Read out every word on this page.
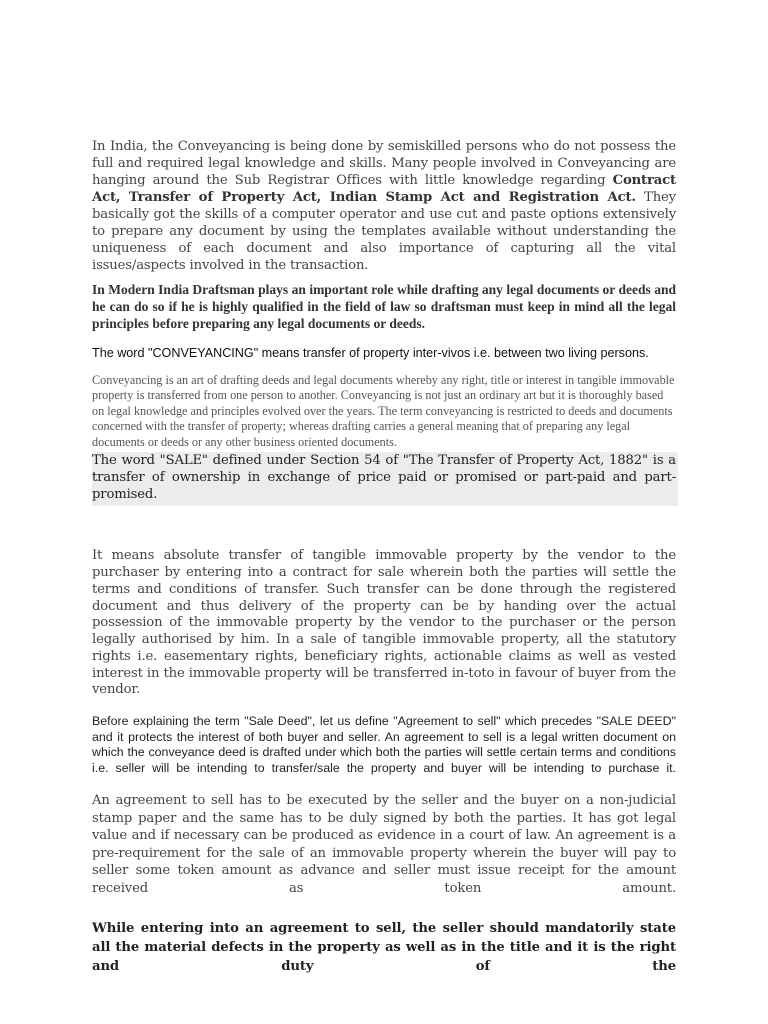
In India, the Conveyancing is being done by semiskilled persons who do not possess the full and required legal knowledge and skills. Many people involved in Conveyancing are hanging around the Sub Registrar Offices with little knowledge regarding Contract Act, Transfer of Property Act, Indian Stamp Act and Registration Act. They basically got the skills of a computer operator and use cut and paste options extensively to prepare any document by using the templates available without understanding the uniqueness of each document and also importance of capturing all the vital issues/aspects involved in the transaction.

In Modern India Draftsman plays an important role while drafting any legal documents or deeds and he can do so if he is highly qualified in the field of law so draftsman must keep in mind all the legal principles before preparing any legal documents or deeds.

The word "CONVEYANCING" means transfer of property inter-vivos i.e. between two living persons.

Conveyancing is an art of drafting deeds and legal documents whereby any right, title or interest in tangible immovable property is transferred from one person to another. Conveyancing is not just an ordinary art but it is thoroughly based on legal knowledge and principles evolved over the years. The term conveyancing is restricted to deeds and documents concerned with the transfer of property; whereas drafting carries a general meaning that of preparing any legal documents or deeds or any other business oriented documents.

The word "SALE" defined under Section 54 of "The Transfer of Property Act, 1882" is a transfer of ownership in exchange of price paid or promised or part-paid and part-promised.

It means absolute transfer of tangible immovable property by the vendor to the purchaser by entering into a contract for sale wherein both the parties will settle the terms and conditions of transfer. Such transfer can be done through the registered document and thus delivery of the property can be by handing over the actual possession of the immovable property by the vendor to the purchaser or the person legally authorised by him. In a sale of tangible immovable property, all the statutory rights i.e. easementary rights, beneficiary rights, actionable claims as well as vested interest in the immovable property will be transferred in-toto in favour of buyer from the vendor.

Before explaining the term "Sale Deed", let us define "Agreement to sell" which precedes "SALE DEED" and it protects the interest of both buyer and seller. An agreement to sell is a legal written document on which the conveyance deed is drafted under which both the parties will settle certain terms and conditions i.e. seller will be intending to transfer/sale the property and buyer will be intending to purchase it.

An agreement to sell has to be executed by the seller and the buyer on a non-judicial stamp paper and the same has to be duly signed by both the parties. It has got legal value and if necessary can be produced as evidence in a court of law. An agreement is a pre-requirement for the sale of an immovable property wherein the buyer will pay to seller some token amount as advance and seller must issue receipt for the amount received as token amount.

While entering into an agreement to sell, the seller should mandatorily state all the material defects in the property as well as in the title and it is the right and duty of the
